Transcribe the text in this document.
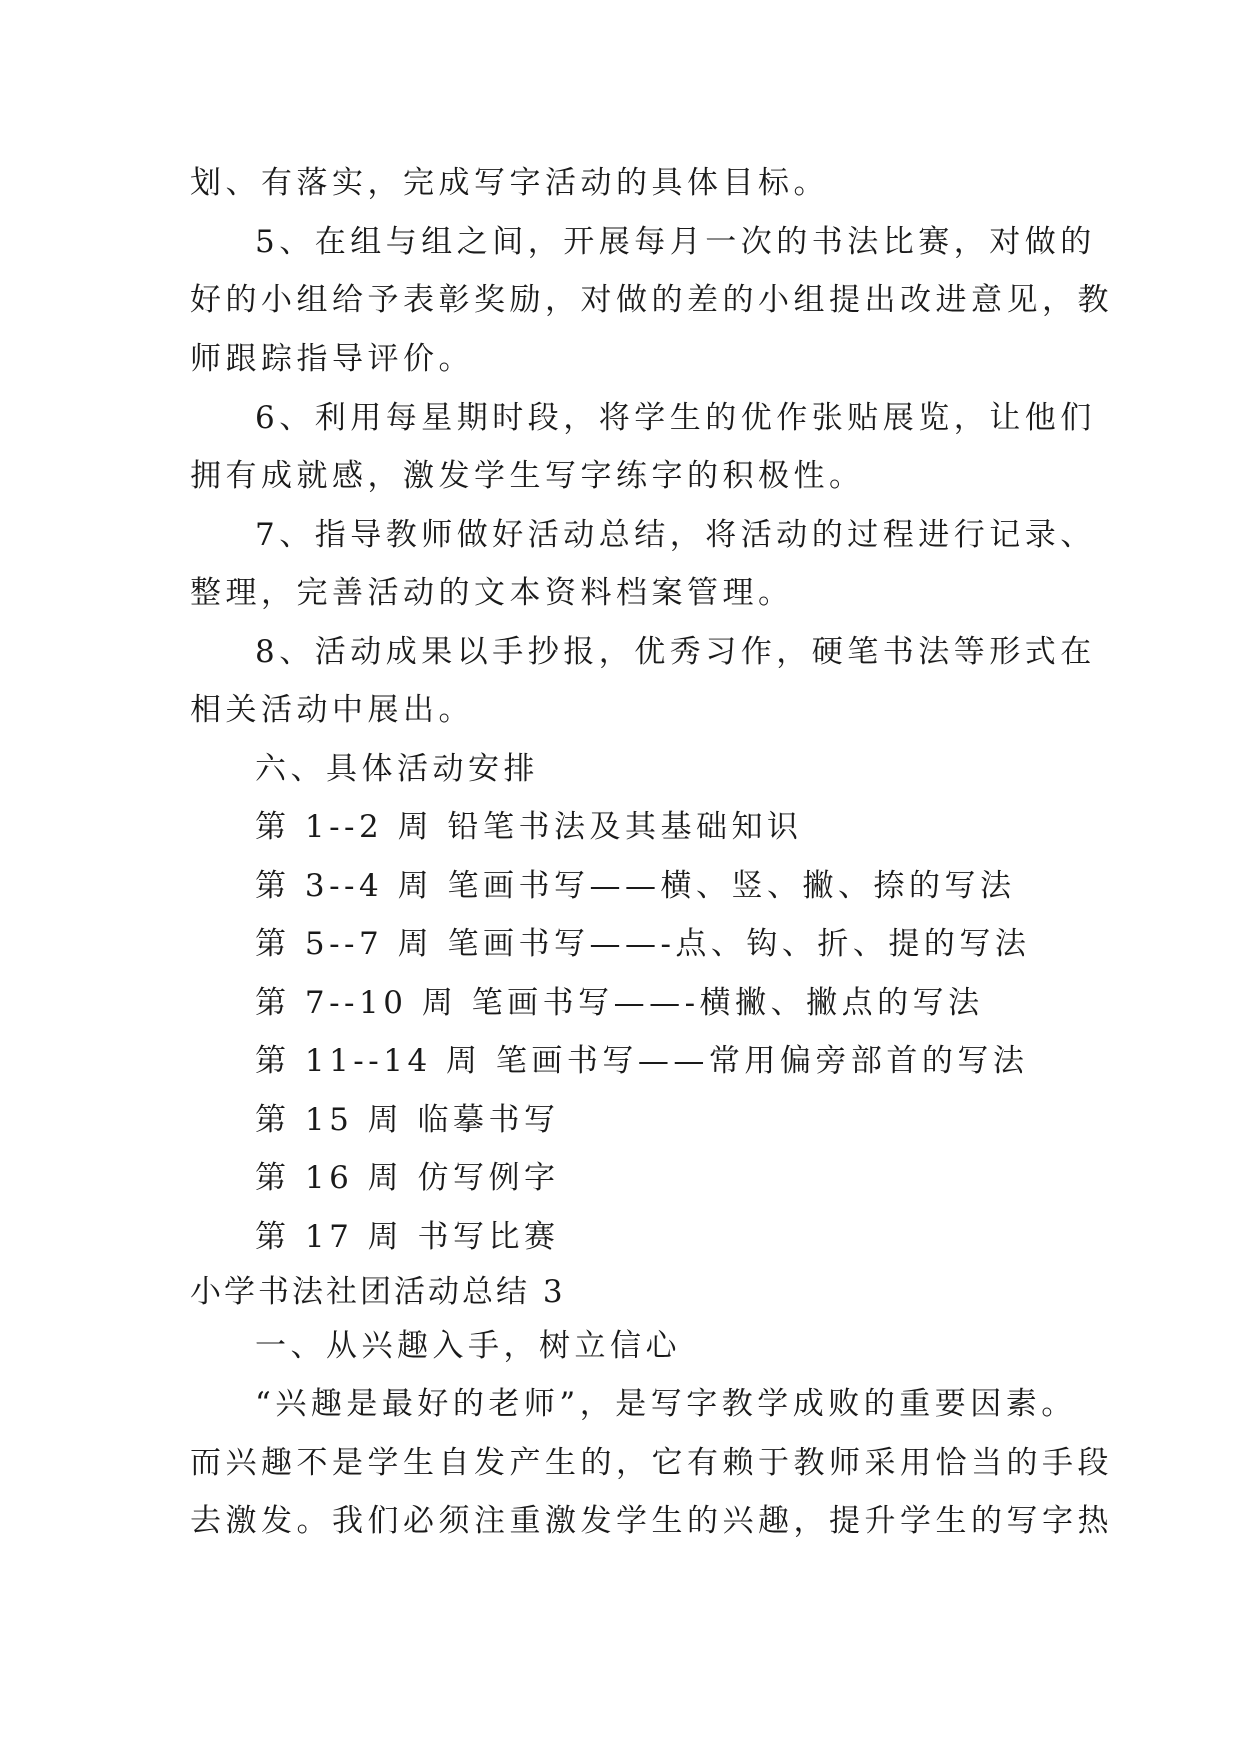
划、有落实，完成写字活动的具体目标。
5、在组与组之间，开展每月一次的书法比赛，对做的
好的小组给予表彰奖励，对做的差的小组提出改进意见，教
师跟踪指导评价。
6、利用每星期时段，将学生的优作张贴展览，让他们
拥有成就感，激发学生写字练字的积极性。
7、指导教师做好活动总结，将活动的过程进行记录、
整理，完善活动的文本资料档案管理。
8、活动成果以手抄报，优秀习作，硬笔书法等形式在
相关活动中展出。
六、具体活动安排
第 1--2 周 铅笔书法及其基础知识
第 3--4 周 笔画书写——横、竖、撇、捺的写法
第 5--7 周 笔画书写——-点、钩、折、提的写法
第 7--10 周 笔画书写——-横撇、撇点的写法
第 11--14 周 笔画书写——常用偏旁部首的写法
第 15 周 临摹书写
第 16 周 仿写例字
第 17 周 书写比赛
小学书法社团活动总结 3
一、从兴趣入手，树立信心
“兴趣是最好的老师”，是写字教学成败的重要因素。
而兴趣不是学生自发产生的，它有赖于教师采用恰当的手段
去激发。我们必须注重激发学生的兴趣，提升学生的写字热
